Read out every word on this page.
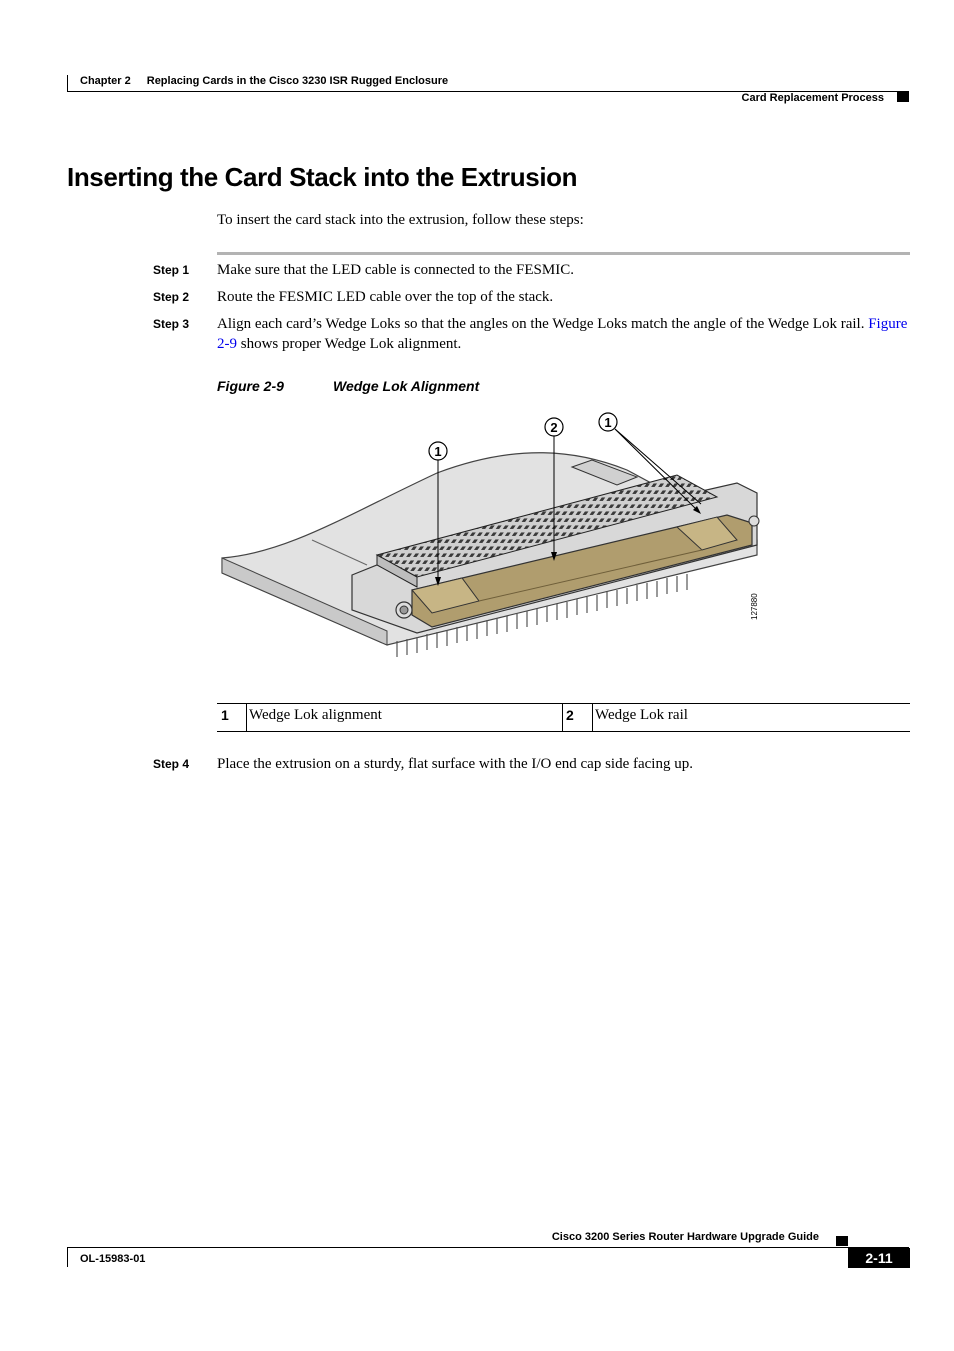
Chapter 2 Replacing Cards in the Cisco 3230 ISR Rugged Enclosure
Card Replacement Process
Inserting the Card Stack into the Extrusion
To insert the card stack into the extrusion, follow these steps:
Step 1 Make sure that the LED cable is connected to the FESMIC.
Step 2 Route the FESMIC LED cable over the top of the stack.
Step 3 Align each card’s Wedge Loks so that the angles on the Wedge Loks match the angle of the Wedge Lok rail. Figure 2-9 shows proper Wedge Lok alignment.
Figure 2-9	Wedge Lok Alignment
1
2	1
127880
1 Wedge Lok alignment	2 Wedge Lok rail
Step 4 Place the extrusion on a sturdy, flat surface with the I/O end cap side facing up.
Cisco 3200 Series Router Hardware Upgrade Guide
OL-15983-01	2-11
